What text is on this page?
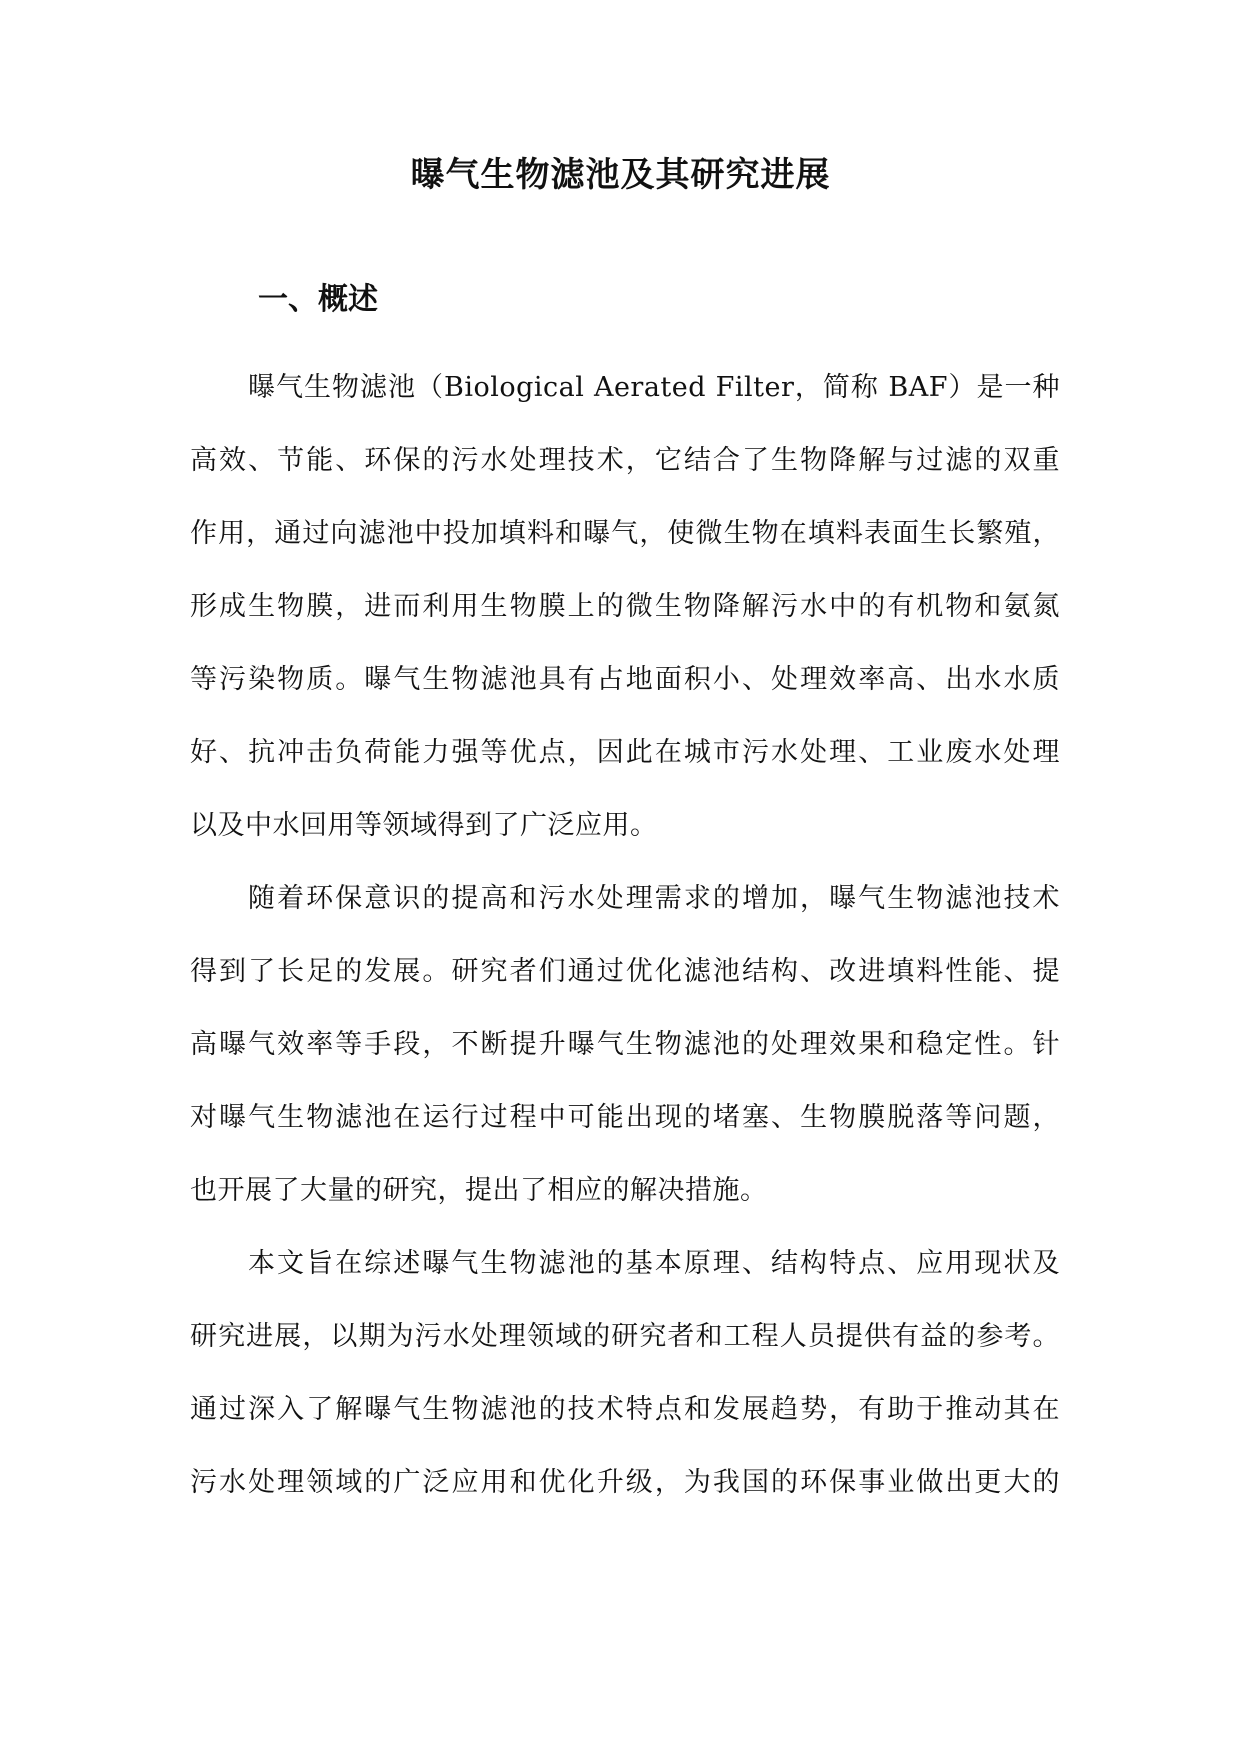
曝气生物滤池及其研究进展
一、概述
曝气生物滤池（Biological Aerated Filter，简称 BAF）是一种
高效、节能、环保的污水处理技术，它结合了生物降解与过滤的双重
作用，通过向滤池中投加填料和曝气，使微生物在填料表面生长繁殖，
形成生物膜，进而利用生物膜上的微生物降解污水中的有机物和氨氮
等污染物质。曝气生物滤池具有占地面积小、处理效率高、出水水质
好、抗冲击负荷能力强等优点，因此在城市污水处理、工业废水处理
以及中水回用等领域得到了广泛应用。
随着环保意识的提高和污水处理需求的增加，曝气生物滤池技术
得到了长足的发展。研究者们通过优化滤池结构、改进填料性能、提
高曝气效率等手段，不断提升曝气生物滤池的处理效果和稳定性。针
对曝气生物滤池在运行过程中可能出现的堵塞、生物膜脱落等问题，
也开展了大量的研究，提出了相应的解决措施。
本文旨在综述曝气生物滤池的基本原理、结构特点、应用现状及
研究进展，以期为污水处理领域的研究者和工程人员提供有益的参考。
通过深入了解曝气生物滤池的技术特点和发展趋势，有助于推动其在
污水处理领域的广泛应用和优化升级，为我国的环保事业做出更大的
